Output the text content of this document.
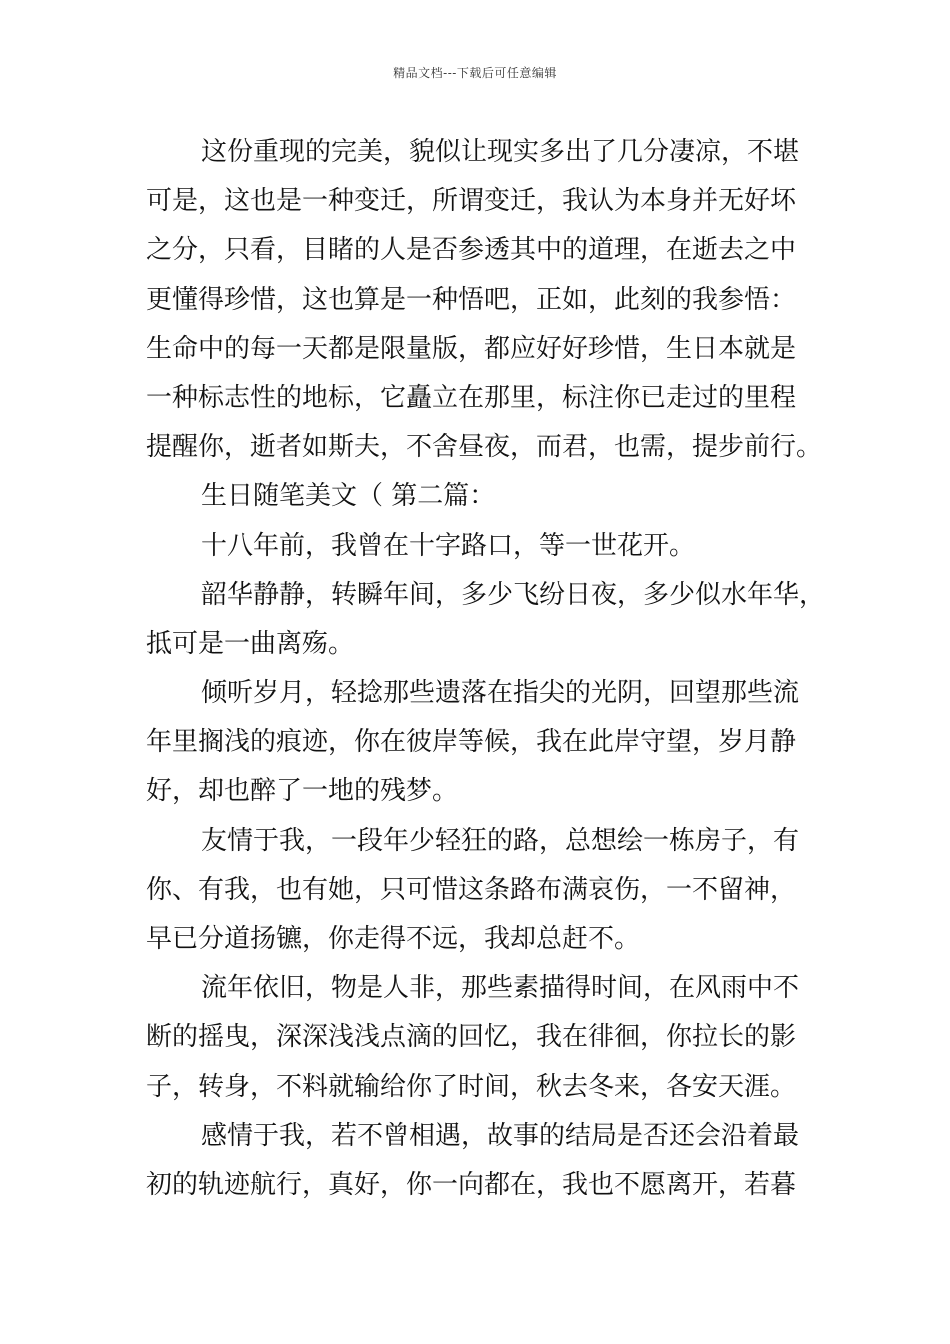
精品文档---下载后可任意编辑
这份重现的完美，貌似让现实多出了几分凄凉，不堪
可是，这也是一种变迁，所谓变迁，我认为本身并无好坏
之分，只看，目睹的人是否参透其中的道理，在逝去之中
更懂得珍惜，这也算是一种悟吧，正如，此刻的我参悟：
生命中的每一天都是限量版，都应好好珍惜，生日本就是
一种标志性的地标，它矗立在那里，标注你已走过的里程
提醒你，逝者如斯夫，不舍昼夜，而君，也需，提步前行。
生日随笔美文（ 第二篇：
十八年前，我曾在十字路口，等一世花开。
韶华静静，转瞬年间，多少飞纷日夜，多少似水年华，
抵可是一曲离殇。
倾听岁月，轻捻那些遗落在指尖的光阴，回望那些流
年里搁浅的痕迹，你在彼岸等候，我在此岸守望，岁月静
好，却也醉了一地的残梦。
友情于我，一段年少轻狂的路，总想绘一栋房子，有
你、有我，也有她，只可惜这条路布满哀伤，一不留神，
早已分道扬镳，你走得不远，我却总赶不。
流年依旧，物是人非，那些素描得时间，在风雨中不
断的摇曳，深深浅浅点滴的回忆，我在徘徊，你拉长的影
子，转身，不料就输给你了时间，秋去冬来，各安天涯。
感情于我，若不曾相遇，故事的结局是否还会沿着最
初的轨迹航行，真好，你一向都在，我也不愿离开，若暮
